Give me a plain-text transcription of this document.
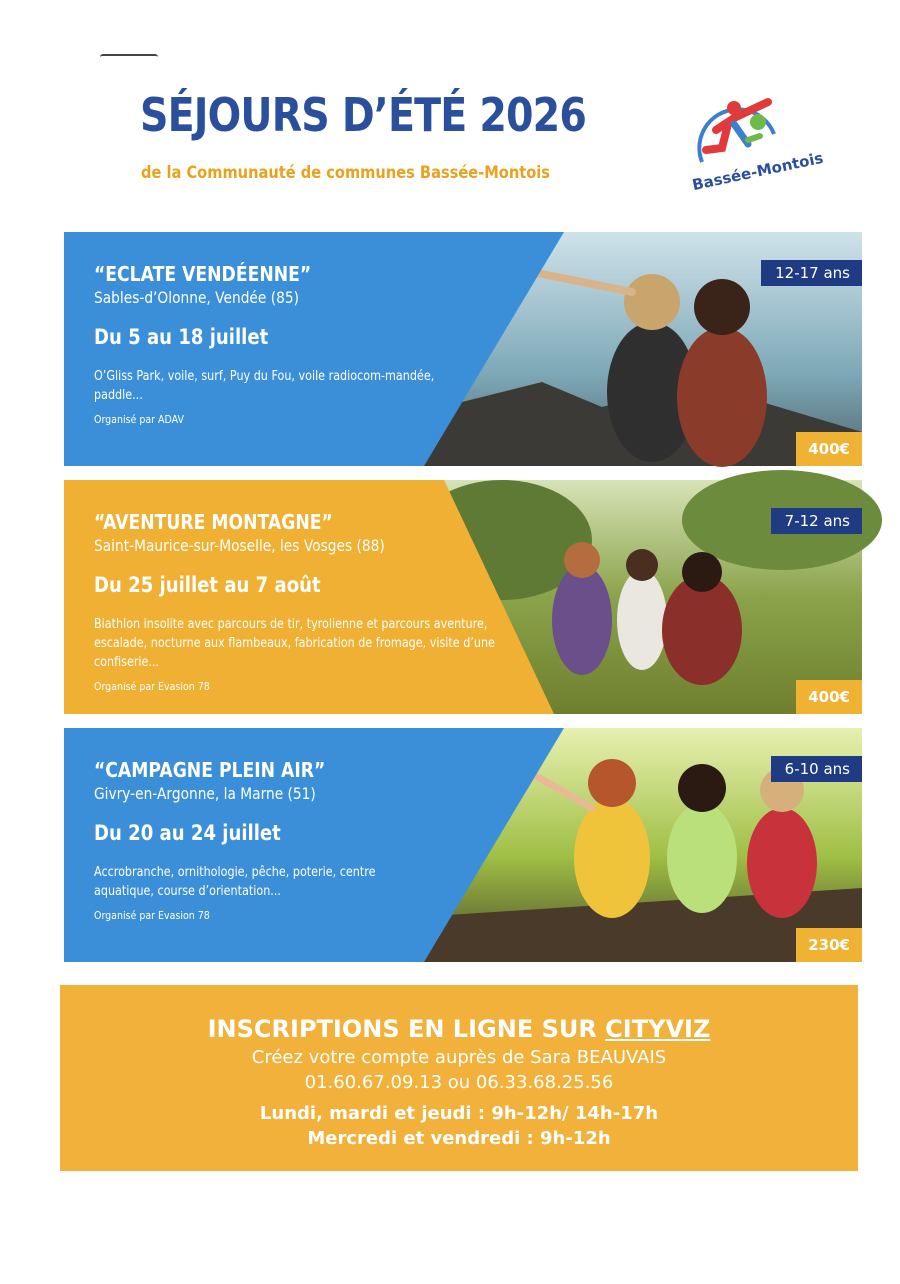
SÉJOURS D’ÉTÉ 2026
de la Communauté de communes Bassée-Montois	Bassée-Montois
“ECLATE VENDÉENNE”
Sables-d’Olonne, Vendée (85)
Du 5 au 18 juillet
O’Gliss Park, voile, surf, Puy du Fou, voile radiocom-mandée, paddle...
Organisé par ADAV
12-17 ans
400€
“AVENTURE MONTAGNE”
Saint-Maurice-sur-Moselle, les Vosges (88)
Du 25 juillet au 7 août
Biathlon insolite avec parcours de tir, tyrolienne et parcours aventure, escalade, nocturne aux flambeaux, fabrication de fromage, visite d’une confiserie...
Organisé par Evasion 78
7-12 ans
400€
“CAMPAGNE PLEIN AIR”
Givry-en-Argonne, la Marne (51)
Du 20 au 24 juillet
Accrobranche, ornithologie, pêche, poterie, centre aquatique, course d’orientation...
Organisé par Evasion 78
6-10 ans
230€
INSCRIPTIONS EN LIGNE SUR CITYVIZ
Créez votre compte auprès de Sara BEAUVAIS
01.60.67.09.13 ou 06.33.68.25.56
Lundi, mardi et jeudi : 9h-12h/ 14h-17h
Mercredi et vendredi : 9h-12h
